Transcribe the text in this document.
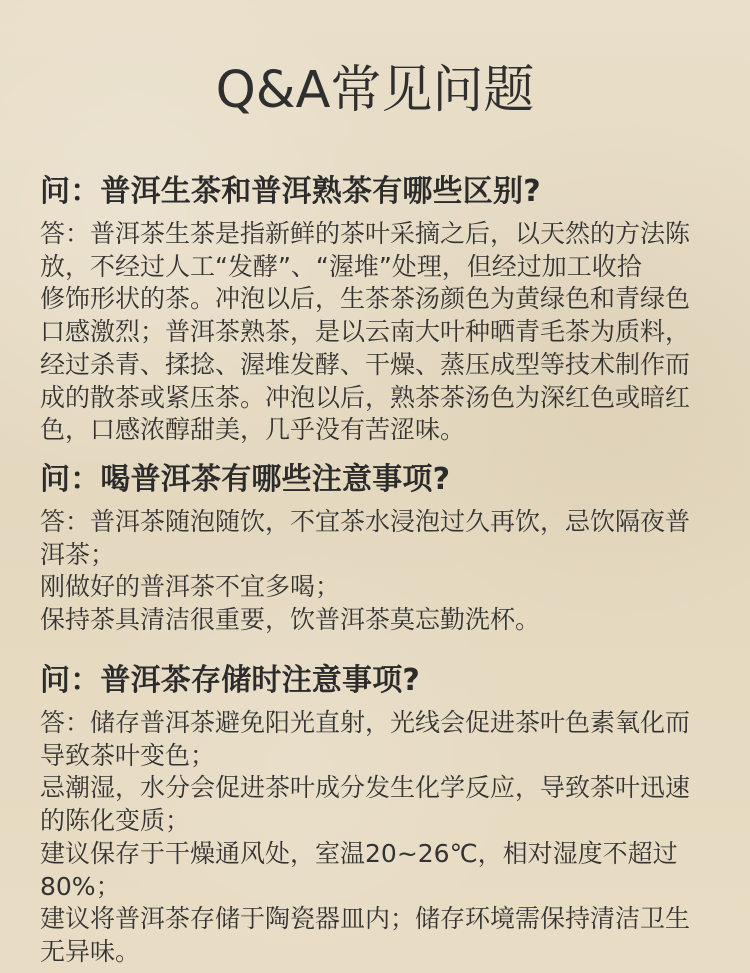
Q&A常见问题
问：普洱生茶和普洱熟茶有哪些区别?
答：普洱茶生茶是指新鲜的茶叶采摘之后，以天然的方法陈
放，不经过人工“发酵”、“渥堆”处理，但经过加工收拾
修饰形状的茶。冲泡以后，生茶茶汤颜色为黄绿色和青绿色
口感激烈；普洱茶熟茶，是以云南大叶种晒青毛茶为质料，
经过杀青、揉捻、渥堆发酵、干燥、蒸压成型等技术制作而
成的散茶或紧压茶。冲泡以后，熟茶茶汤色为深红色或暗红
色，口感浓醇甜美，几乎没有苦涩味。
问：喝普洱茶有哪些注意事项?
答：普洱茶随泡随饮，不宜茶水浸泡过久再饮，忌饮隔夜普
洱茶；
刚做好的普洱茶不宜多喝；
保持茶具清洁很重要，饮普洱茶莫忘勤洗杯。
问：普洱茶存储时注意事项?
答：储存普洱茶避免阳光直射，光线会促进茶叶色素氧化而
导致茶叶变色；
忌潮湿，水分会促进茶叶成分发生化学反应，导致茶叶迅速
的陈化变质；
建议保存于干燥通风处，室温20~26℃，相对湿度不超过
80%；
建议将普洱茶存储于陶瓷器皿内；储存环境需保持清洁卫生
无异味。
